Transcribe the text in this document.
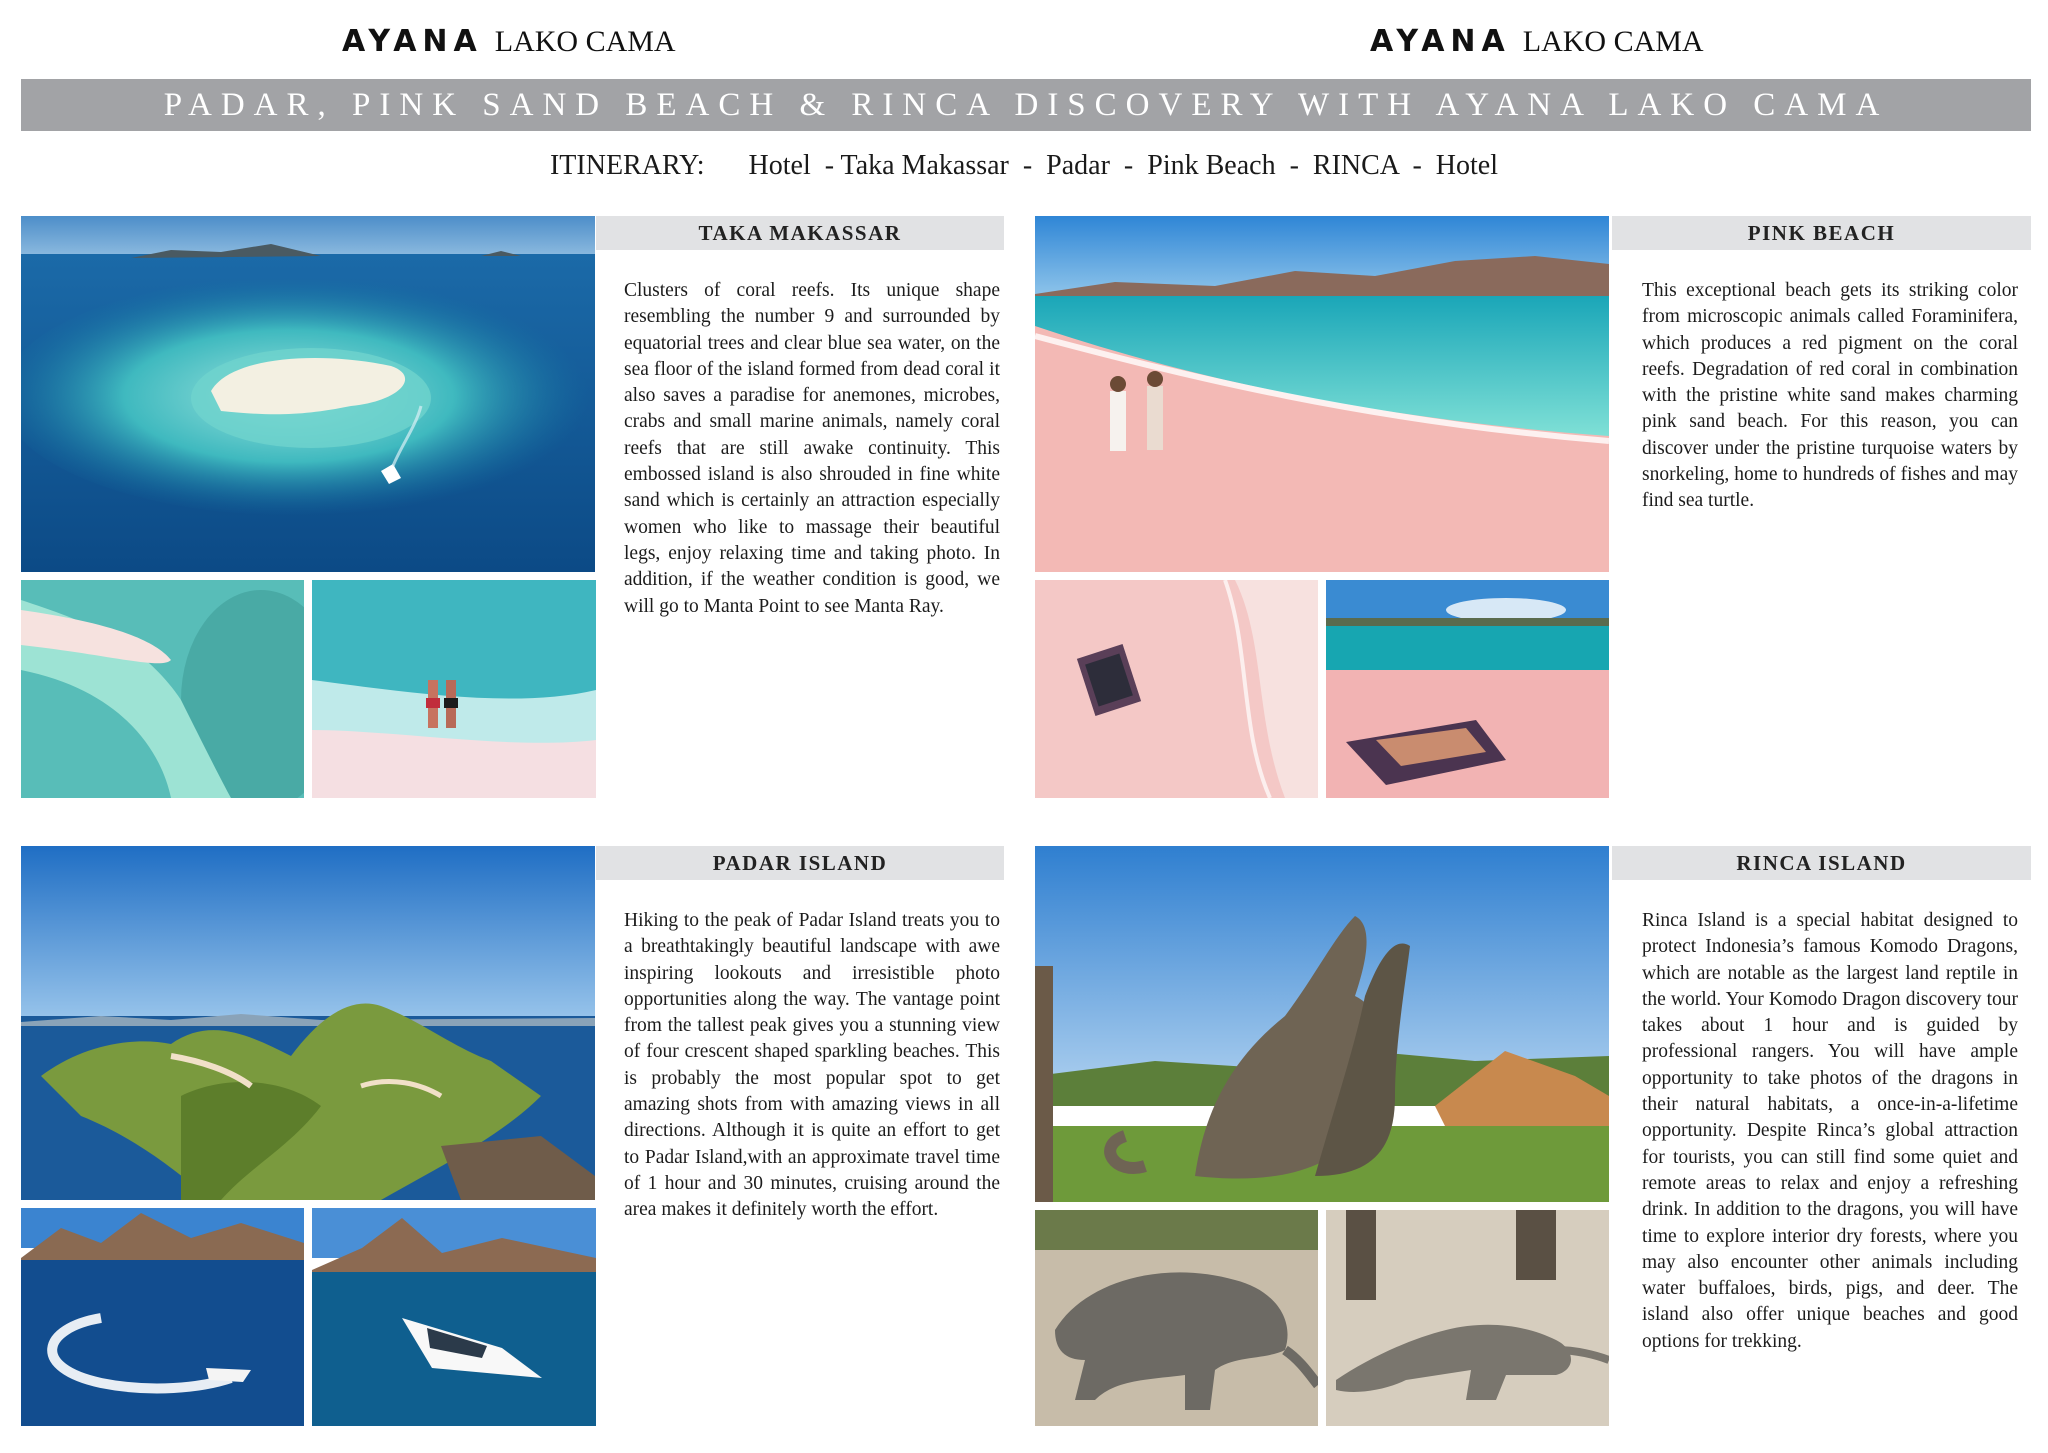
AYANA LAKO CAMA	AYANA LAKO CAMA
PADAR, PINK SAND BEACH & RINCA DISCOVERY WITH AYANA LAKO CAMA
ITINERARY: Hotel  - Taka Makassar  -  Padar  -  Pink Beach  -  RINCA  -  Hotel
TAKA MAKASSAR
Clusters of coral reefs. Its unique shape resembling the number 9 and surrounded by equatorial trees and clear blue sea water, on the sea floor of the island formed from dead coral it also saves a paradise for anemones, microbes, crabs and small marine animals, namely coral reefs that are still awake continuity. This embossed island is also shrouded in fine white sand which is certainly an attraction especially women who like to massage their beautiful legs, enjoy relaxing time and taking photo. In addition, if the weather condition is good, we will go to Manta Point to see Manta Ray.
PINK BEACH
This exceptional beach gets its striking color from microscopic animals called Foraminifera, which produces a red pigment on the coral reefs. Degradation of red coral in combination with the pristine white sand makes charming pink sand beach. For this reason, you can discover under the pristine turquoise waters by snorkeling, home to hundreds of fishes and may find sea turtle.
PADAR ISLAND
Hiking to the peak of Padar Island treats you to a breathtakingly beautiful landscape with awe inspiring lookouts and irresistible photo opportunities along the way. The vantage point from the tallest peak gives you a stunning view of four crescent shaped sparkling beaches. This is probably the most popular spot to get amazing shots from with amazing views in all directions. Although it is quite an effort to get to Padar Island,with an approximate travel time of 1 hour and 30 minutes, cruising around the area makes it definitely worth the effort.
RINCA ISLAND
Rinca Island is a special habitat designed to protect Indonesia’s famous Komodo Dragons, which are notable as the largest land reptile in the world. Your Komodo Dragon discovery tour takes about 1 hour and is guided by professional rangers. You will have ample opportunity to take photos of the dragons in their natural habitats, a once-in-a-lifetime opportunity. Despite Rinca’s global attraction for tourists, you can still find some quiet and remote areas to relax and enjoy a refreshing drink. In addition to the dragons, you will have time to explore interior dry forests, where you may also encounter other animals including water buffaloes, birds, pigs, and deer. The island also offer unique beaches and good options for trekking.
